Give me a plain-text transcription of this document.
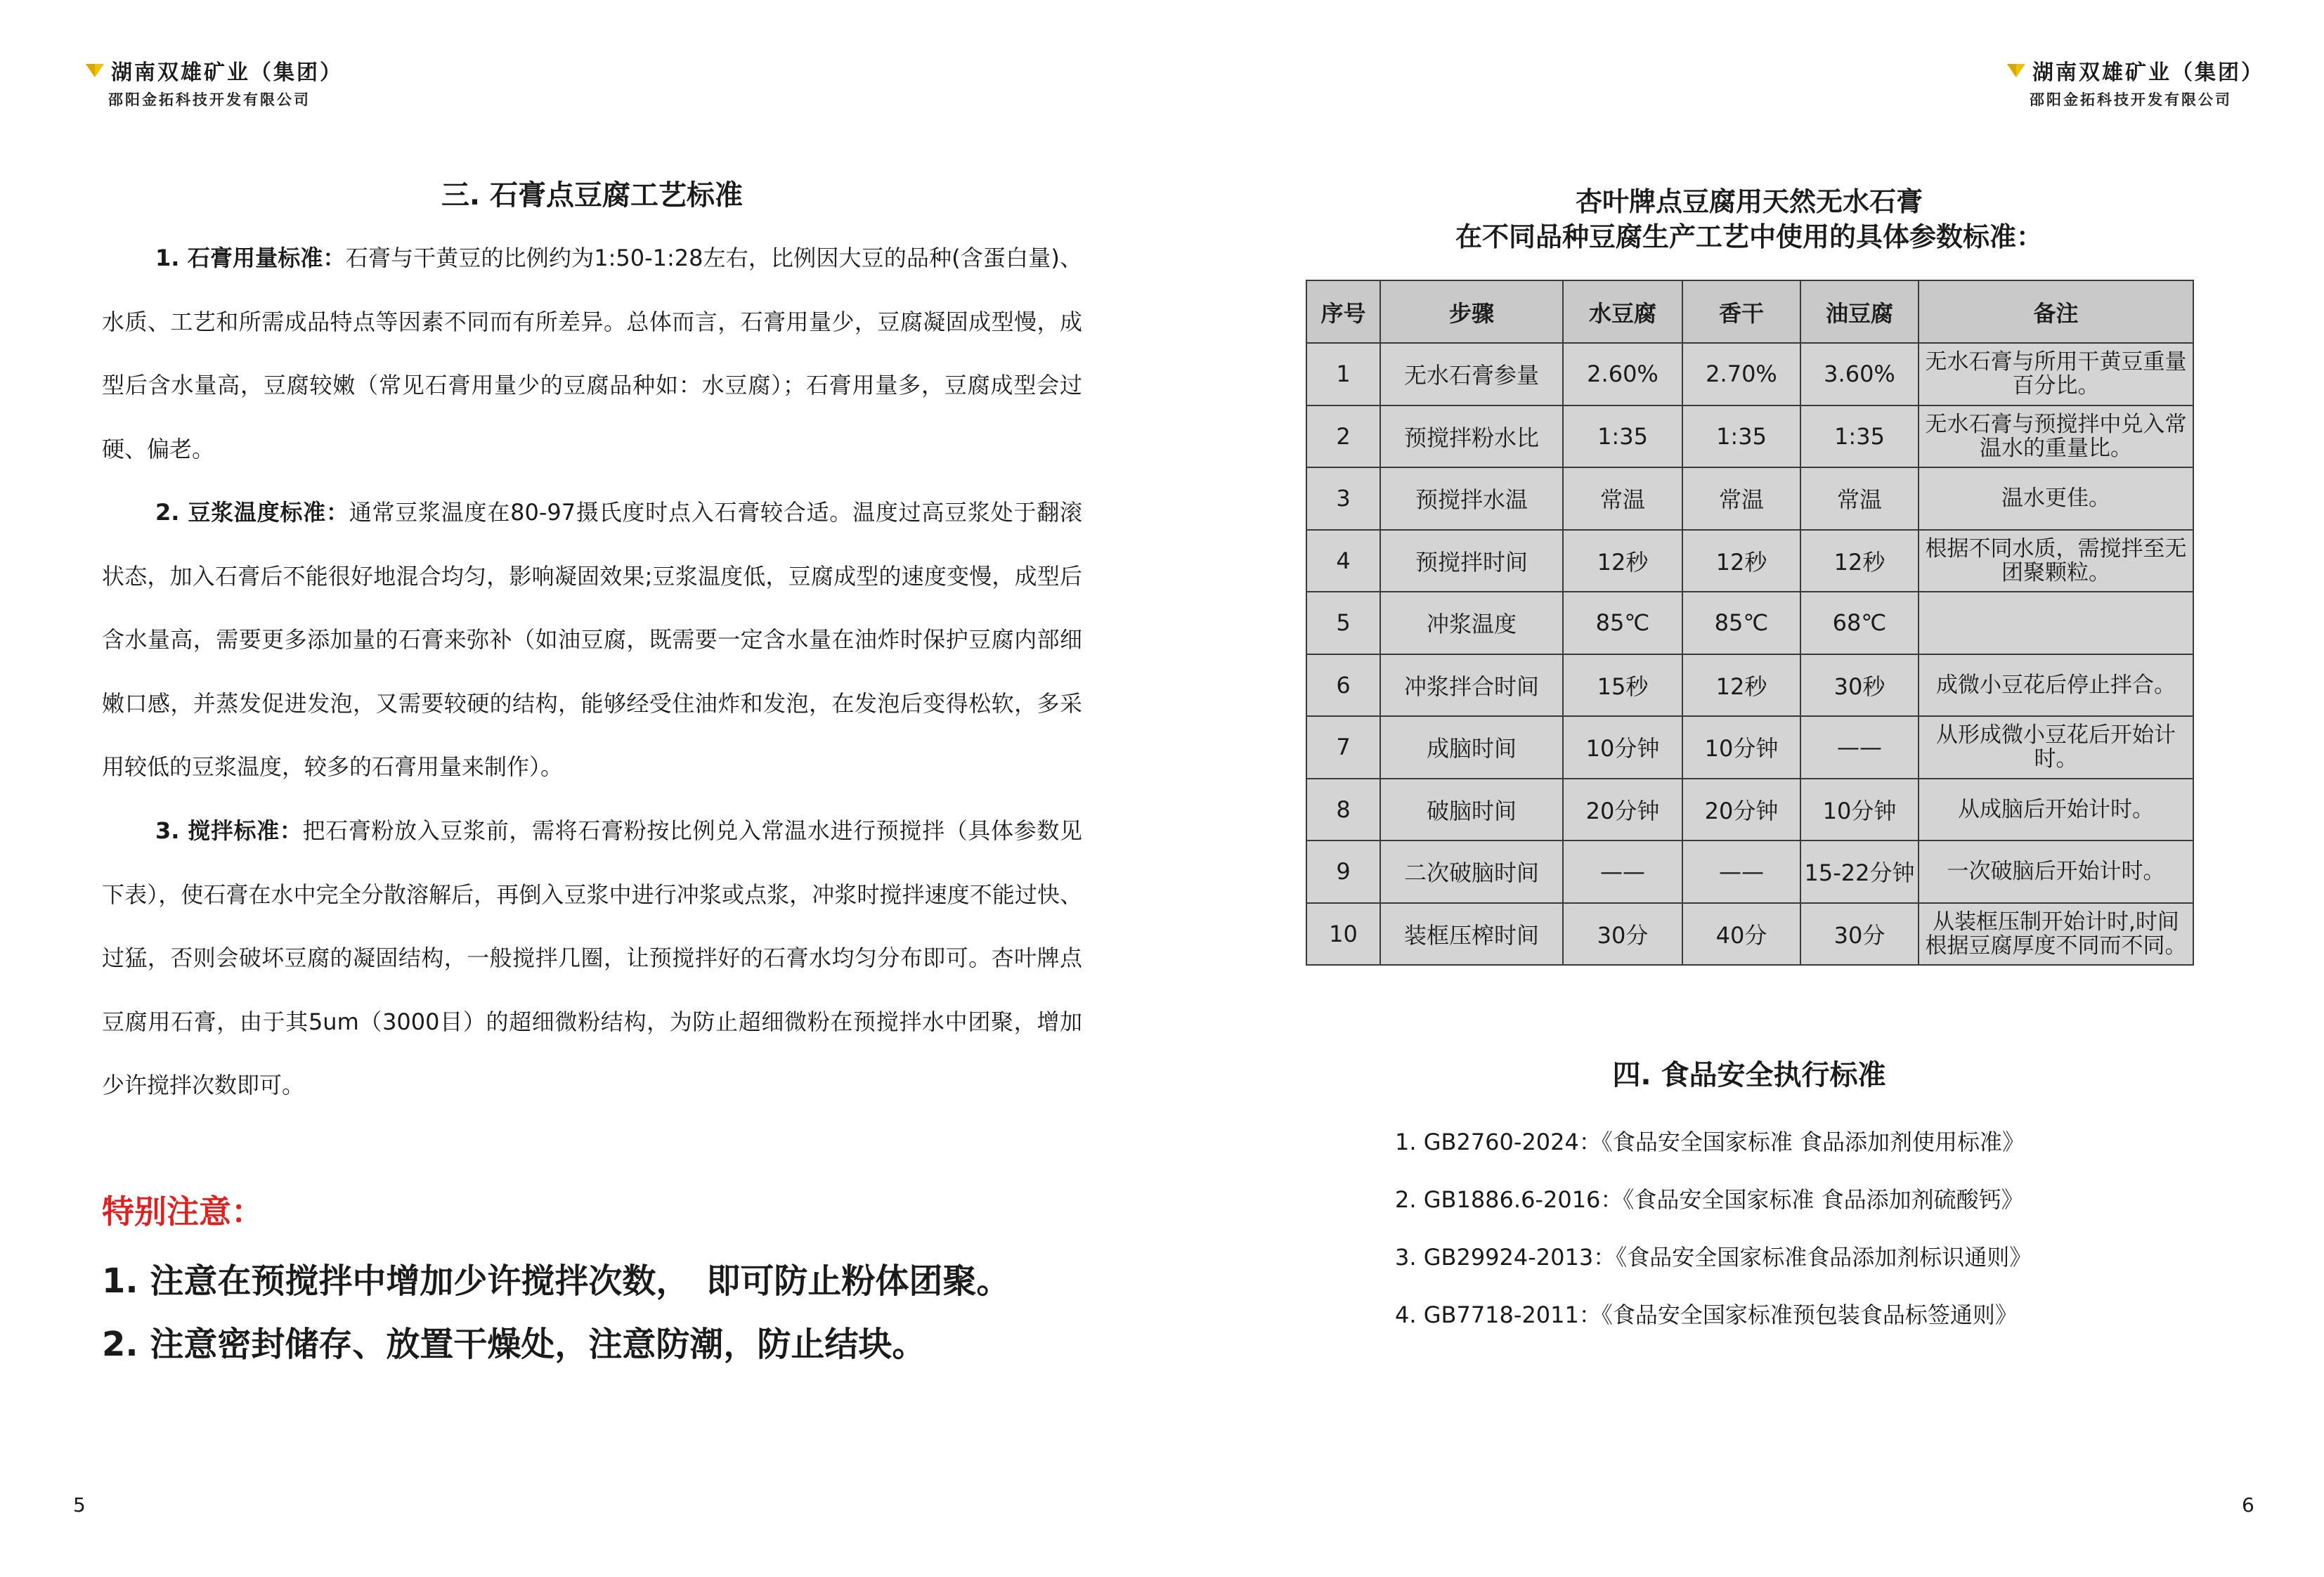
湖南双雄矿业（集团）
邵阳金拓科技开发有限公司
三. 石膏点豆腐工艺标准

1. 石膏用量标准：石膏与干黄豆的比例约为1:50-1:28左右，比例因大豆的品种(含蛋白量)、水质、工艺和所需成品特点等因素不同而有所差异。总体而言，石膏用量少，豆腐凝固成型慢，成型后含水量高，豆腐较嫩（常见石膏用量少的豆腐品种如：水豆腐）；石膏用量多，豆腐成型会过硬、偏老。

2. 豆浆温度标准：通常豆浆温度在80-97摄氏度时点入石膏较合适。温度过高豆浆处于翻滚状态，加入石膏后不能很好地混合均匀，影响凝固效果;豆浆温度低，豆腐成型的速度变慢，成型后含水量高，需要更多添加量的石膏来弥补（如油豆腐，既需要一定含水量在油炸时保护豆腐内部细嫩口感，并蒸发促进发泡，又需要较硬的结构，能够经受住油炸和发泡，在发泡后变得松软，多采用较低的豆浆温度，较多的石膏用量来制作）。

3. 搅拌标准：把石膏粉放入豆浆前，需将石膏粉按比例兑入常温水进行预搅拌（具体参数见下表），使石膏在水中完全分散溶解后，再倒入豆浆中进行冲浆或点浆，冲浆时搅拌速度不能过快、过猛，否则会破坏豆腐的凝固结构，一般搅拌几圈，让预搅拌好的石膏水均匀分布即可。杏叶牌点豆腐用石膏，由于其5um（3000目）的超细微粉结构，为防止超细微粉在预搅拌水中团聚，增加少许搅拌次数即可。

特别注意：
1. 注意在预搅拌中增加少许搅拌次数，　即可防止粉体团聚。
2. 注意密封储存、放置干燥处，注意防潮，防止结块。
5
湖南双雄矿业（集团）
邵阳金拓科技开发有限公司
杏叶牌点豆腐用天然无水石膏
在不同品种豆腐生产工艺中使用的具体参数标准：
序号	步骤	水豆腐	香干	油豆腐	备注
1	无水石膏参量	2.60%	2.70%	3.60%	无水石膏与所用干黄豆重量百分比。
2	预搅拌粉水比	1:35	1:35	1:35	无水石膏与预搅拌中兑入常温水的重量比。
3	预搅拌水温	常温	常温	常温	温水更佳。
4	预搅拌时间	12秒	12秒	12秒	根据不同水质，需搅拌至无团聚颗粒。
5	冲浆温度	85℃	85℃	68℃	
6	冲浆拌合时间	15秒	12秒	30秒	成微小豆花后停止拌合。
7	成脑时间	10分钟	10分钟	——	从形成微小豆花后开始计时。
8	破脑时间	20分钟	20分钟	10分钟	从成脑后开始计时。
9	二次破脑时间	——	——	15-22分钟	一次破脑后开始计时。
10	装框压榨时间	30分	40分	30分	从装框压制开始计时,时间根据豆腐厚度不同而不同。
四. 食品安全执行标准
1. GB2760-2024：《食品安全国家标准 食品添加剂使用标准》
2. GB1886.6-2016：《食品安全国家标准 食品添加剂硫酸钙》
3. GB29924-2013：《食品安全国家标准食品添加剂标识通则》
4. GB7718-2011：《食品安全国家标准预包装食品标签通则》
6
